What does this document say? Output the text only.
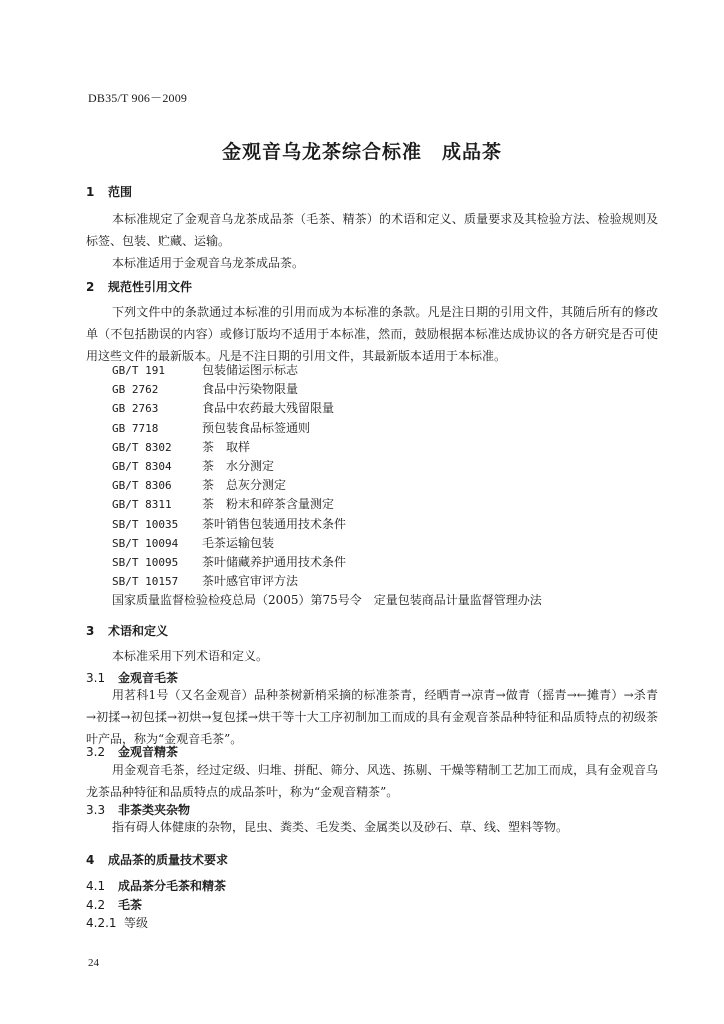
DB35/T 906－2009
金观音乌龙茶综合标准　成品茶
1 范围

本标准规定了金观音乌龙茶成品茶（毛茶、精茶）的术语和定义、质量要求及其检验方法、检验规则及标签、包装、贮藏、运输。

本标准适用于金观音乌龙茶成品茶。

2 规范性引用文件

下列文件中的条款通过本标准的引用而成为本标准的条款。凡是注日期的引用文件，其随后所有的修改单（不包括勘误的内容）或修订版均不适用于本标准，然而，鼓励根据本标准达成协议的各方研究是否可使用这些文件的最新版本。凡是不注日期的引用文件，其最新版本适用于本标准。

GB/T 191　	包装储运图示标志
GB 2762　	食品中污染物限量
GB 2763　	食品中农药最大残留限量
GB 7718　	预包装食品标签通则
GB/T 8302　	茶　取样
GB/T 8304　	茶　水分测定
GB/T 8306　	茶　总灰分测定
GB/T 8311　	茶　粉末和碎茶含量测定
SB/T 10035　 茶叶销售包装通用技术条件
SB/T 10094　 毛茶运输包装
SB/T 10095　 茶叶储藏养护通用技术条件
SB/T 10157　 茶叶感官审评方法
国家质量监督检验检疫总局（2005）第75号令　定量包装商品计量监督管理办法
3 术语和定义

本标准采用下列术语和定义。

3.1 金观音毛茶

用茗科1号（又名金观音）品种茶树新梢采摘的标准茶青，经晒青→凉青→做青（摇青→←摊青）→杀青→初揉→初包揉→初烘→复包揉→烘干等十大工序初制加工而成的具有金观音茶品种特征和品质特点的初级茶叶产品，称为“金观音毛茶”。

3.2 金观音精茶

用金观音毛茶，经过定级、归堆、拼配、筛分、风选、拣剔、干燥等精制工艺加工而成，具有金观音乌龙茶品种特征和品质特点的成品茶叶，称为“金观音精茶”。

3.3 非茶类夹杂物

指有碍人体健康的杂物，昆虫、粪类、毛发类、金属类以及砂石、草、线、塑料等物。

4 成品茶的质量技术要求
4.1 成品茶分毛茶和精茶
4.2 毛茶
4.2.1 等级
24
